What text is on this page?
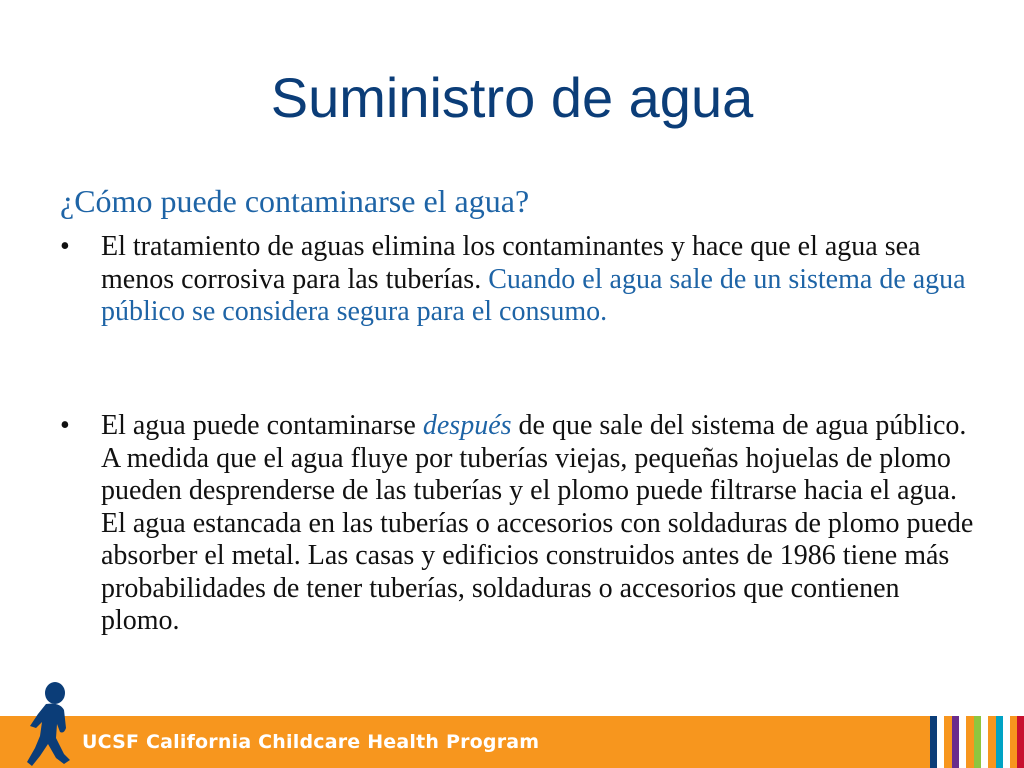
Suministro de agua
¿Cómo puede contaminarse el agua?
•	El tratamiento de aguas elimina los contaminantes y hace que el agua sea menos corrosiva para las tuberías. Cuando el agua sale de un sistema de agua público se considera segura para el consumo.
•	El agua puede contaminarse después de que sale del sistema de agua público. A medida que el agua fluye por tuberías viejas, pequeñas hojuelas de plomo pueden desprenderse de las tuberías y el plomo puede filtrarse hacia el agua. El agua estancada en las tuberías o accesorios con soldaduras de plomo puede absorber el metal. Las casas y edificios construidos antes de 1986 tiene más probabilidades de tener tuberías, soldaduras o accesorios que contienen plomo.
UCSF California Childcare Health Program
